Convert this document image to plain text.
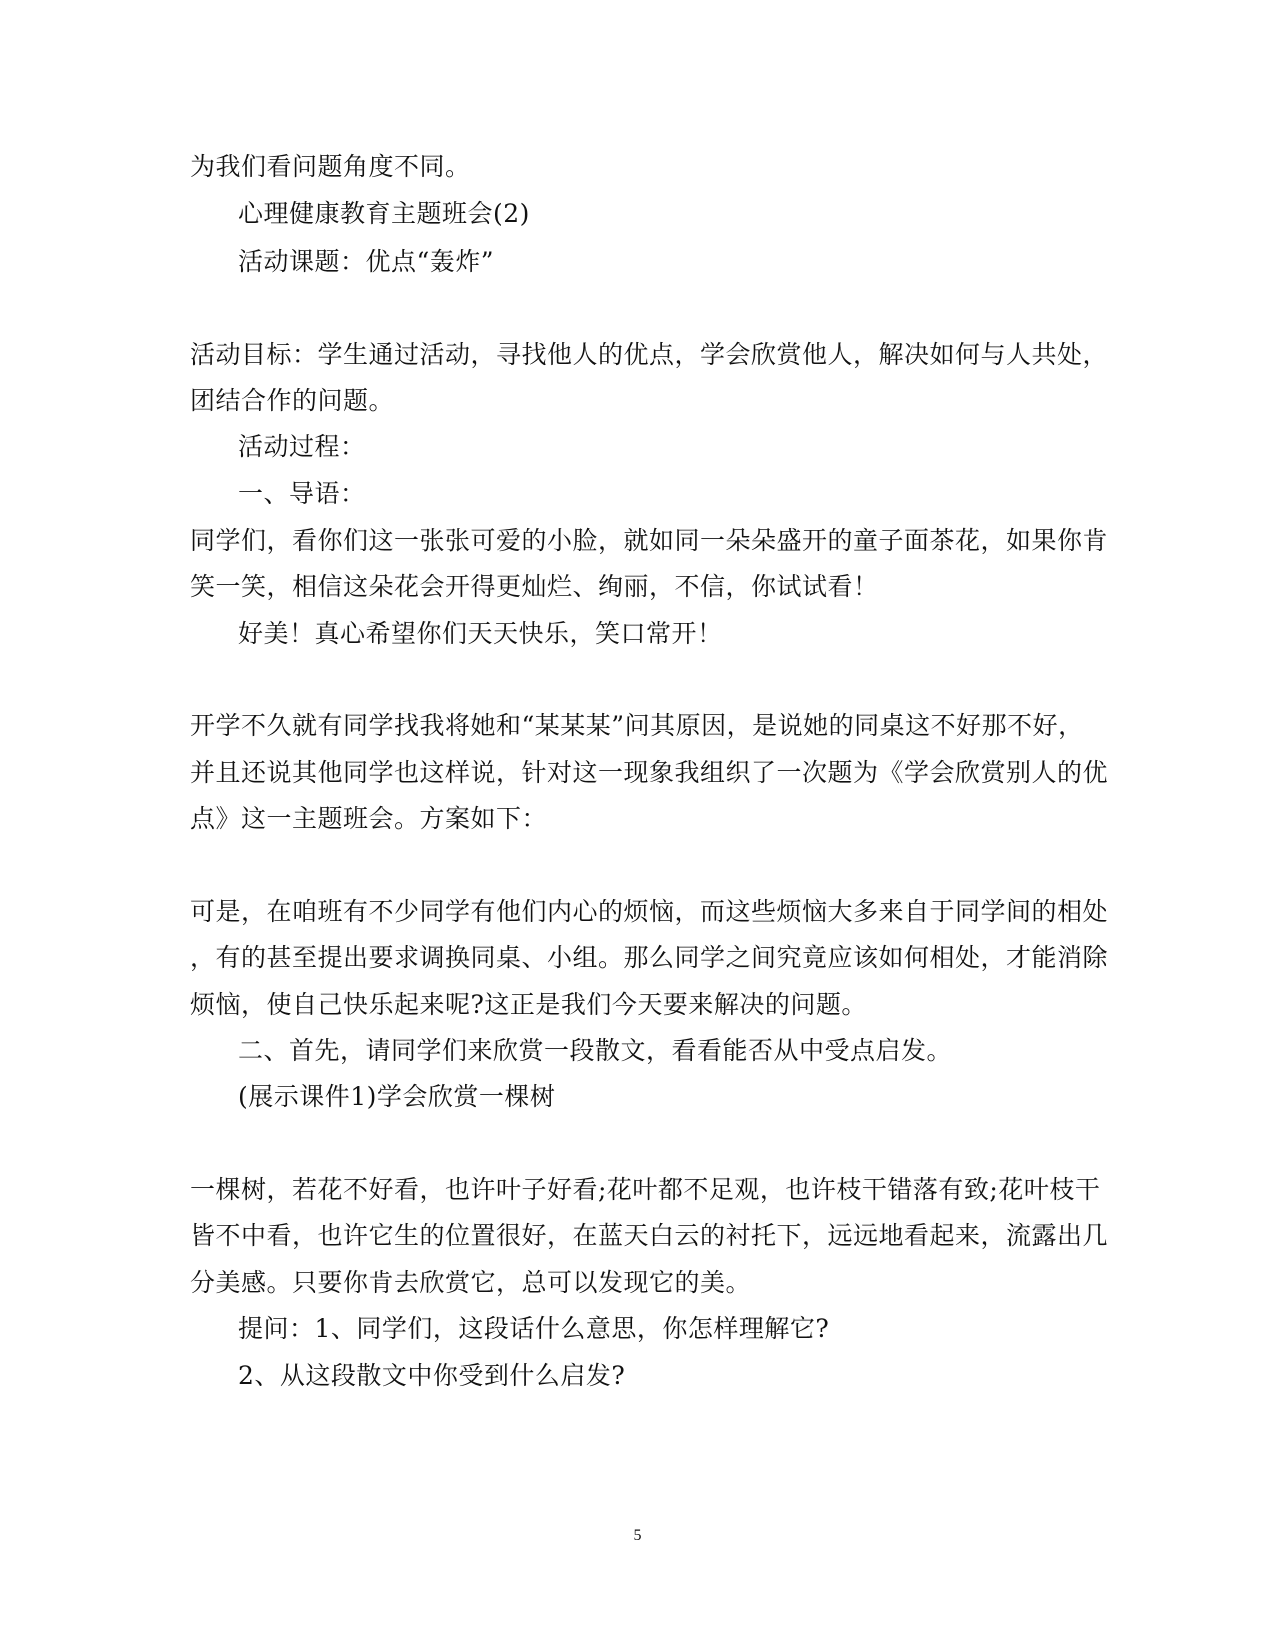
为我们看问题角度不同。
心理健康教育主题班会(2)
活动课题：优点“轰炸”
活动目标：学生通过活动，寻找他人的优点，学会欣赏他人，解决如何与人共处，
团结合作的问题。
活动过程：
一、导语：
同学们，看你们这一张张可爱的小脸，就如同一朵朵盛开的童子面茶花，如果你肯
笑一笑，相信这朵花会开得更灿烂、绚丽，不信，你试试看！
好美！真心希望你们天天快乐，笑口常开！
开学不久就有同学找我将她和“某某某”问其原因，是说她的同桌这不好那不好，
并且还说其他同学也这样说，针对这一现象我组织了一次题为《学会欣赏别人的优
点》这一主题班会。方案如下：
可是，在咱班有不少同学有他们内心的烦恼，而这些烦恼大多来自于同学间的相处
，有的甚至提出要求调换同桌、小组。那么同学之间究竟应该如何相处，才能消除
烦恼，使自己快乐起来呢?这正是我们今天要来解决的问题。
二、首先，请同学们来欣赏一段散文，看看能否从中受点启发。
(展示课件1)学会欣赏一棵树
一棵树，若花不好看，也许叶子好看;花叶都不足观，也许枝干错落有致;花叶枝干
皆不中看，也许它生的位置很好，在蓝天白云的衬托下，远远地看起来，流露出几
分美感。只要你肯去欣赏它，总可以发现它的美。
提问：1、同学们，这段话什么意思，你怎样理解它?
2、从这段散文中你受到什么启发?
5
